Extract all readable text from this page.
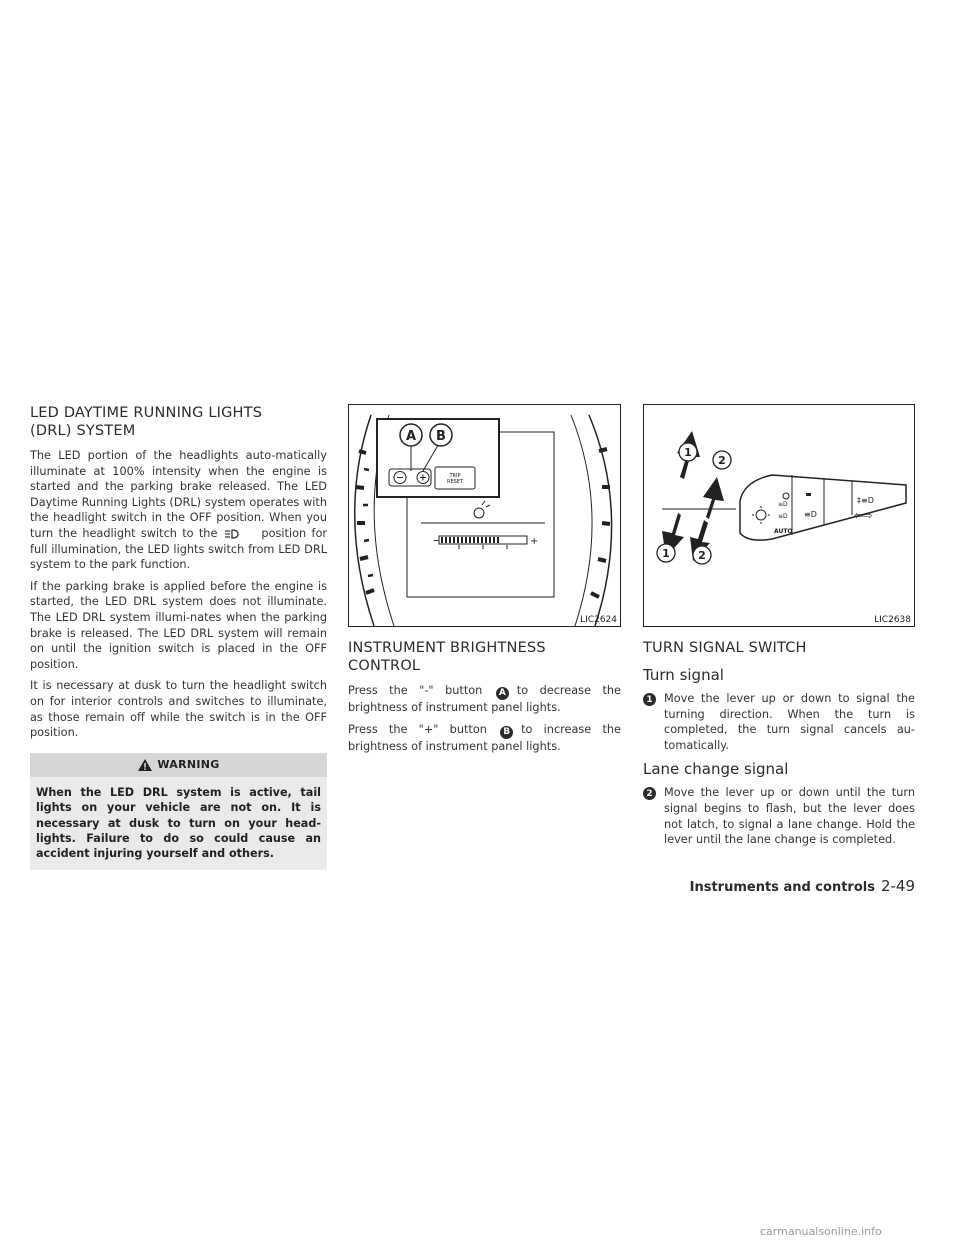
LED DAYTIME RUNNING LIGHTS
(DRL) SYSTEM

The LED portion of the headlights auto-matically illuminate at 100% intensity when the engine is started and the parking brake released. The LED Daytime Running Lights (DRL) system operates with the headlight switch in the OFF position. When you turn the headlight switch to the	position for full illumination, the LED lights switch from LED DRL system to the park function.

If the parking brake is applied before the engine is started, the LED DRL system does not illuminate. The LED DRL system illumi-nates when the parking brake is released. The LED DRL system will remain on until the ignition switch is placed in the OFF position.

It is necessary at dusk to turn the headlight switch on for interior controls and switches to illuminate, as those remain off while the switch is in the OFF position.

WARNING
When the LED DRL system is active, tail lights on your vehicle are not on. It is necessary at dusk to turn on your head-lights. Failure to do so could cause an accident injuring yourself and others.
–	+
TRIP
RESET
A B
LIC2624
INSTRUMENT BRIGHTNESS
CONTROL

Press the "-" button A to decrease the brightness of instrument panel lights.

Press the "+" button B to increase the brightness of instrument panel lights.

1
2
1	2
≡D
≡D
AUTO
≡D
‡≡D
⇦⇨
LIC2638
TURN SIGNAL SWITCH
Turn signal
1 Move the lever up or down to signal the turning direction. When the turn is completed, the turn signal cancels au-tomatically.

Lane change signal
2 Move the lever up or down until the turn signal begins to flash, but the lever does not latch, to signal a lane change. Hold the lever until the lane change is completed.

Instruments and controls 2-49
carmanualsonline.info
